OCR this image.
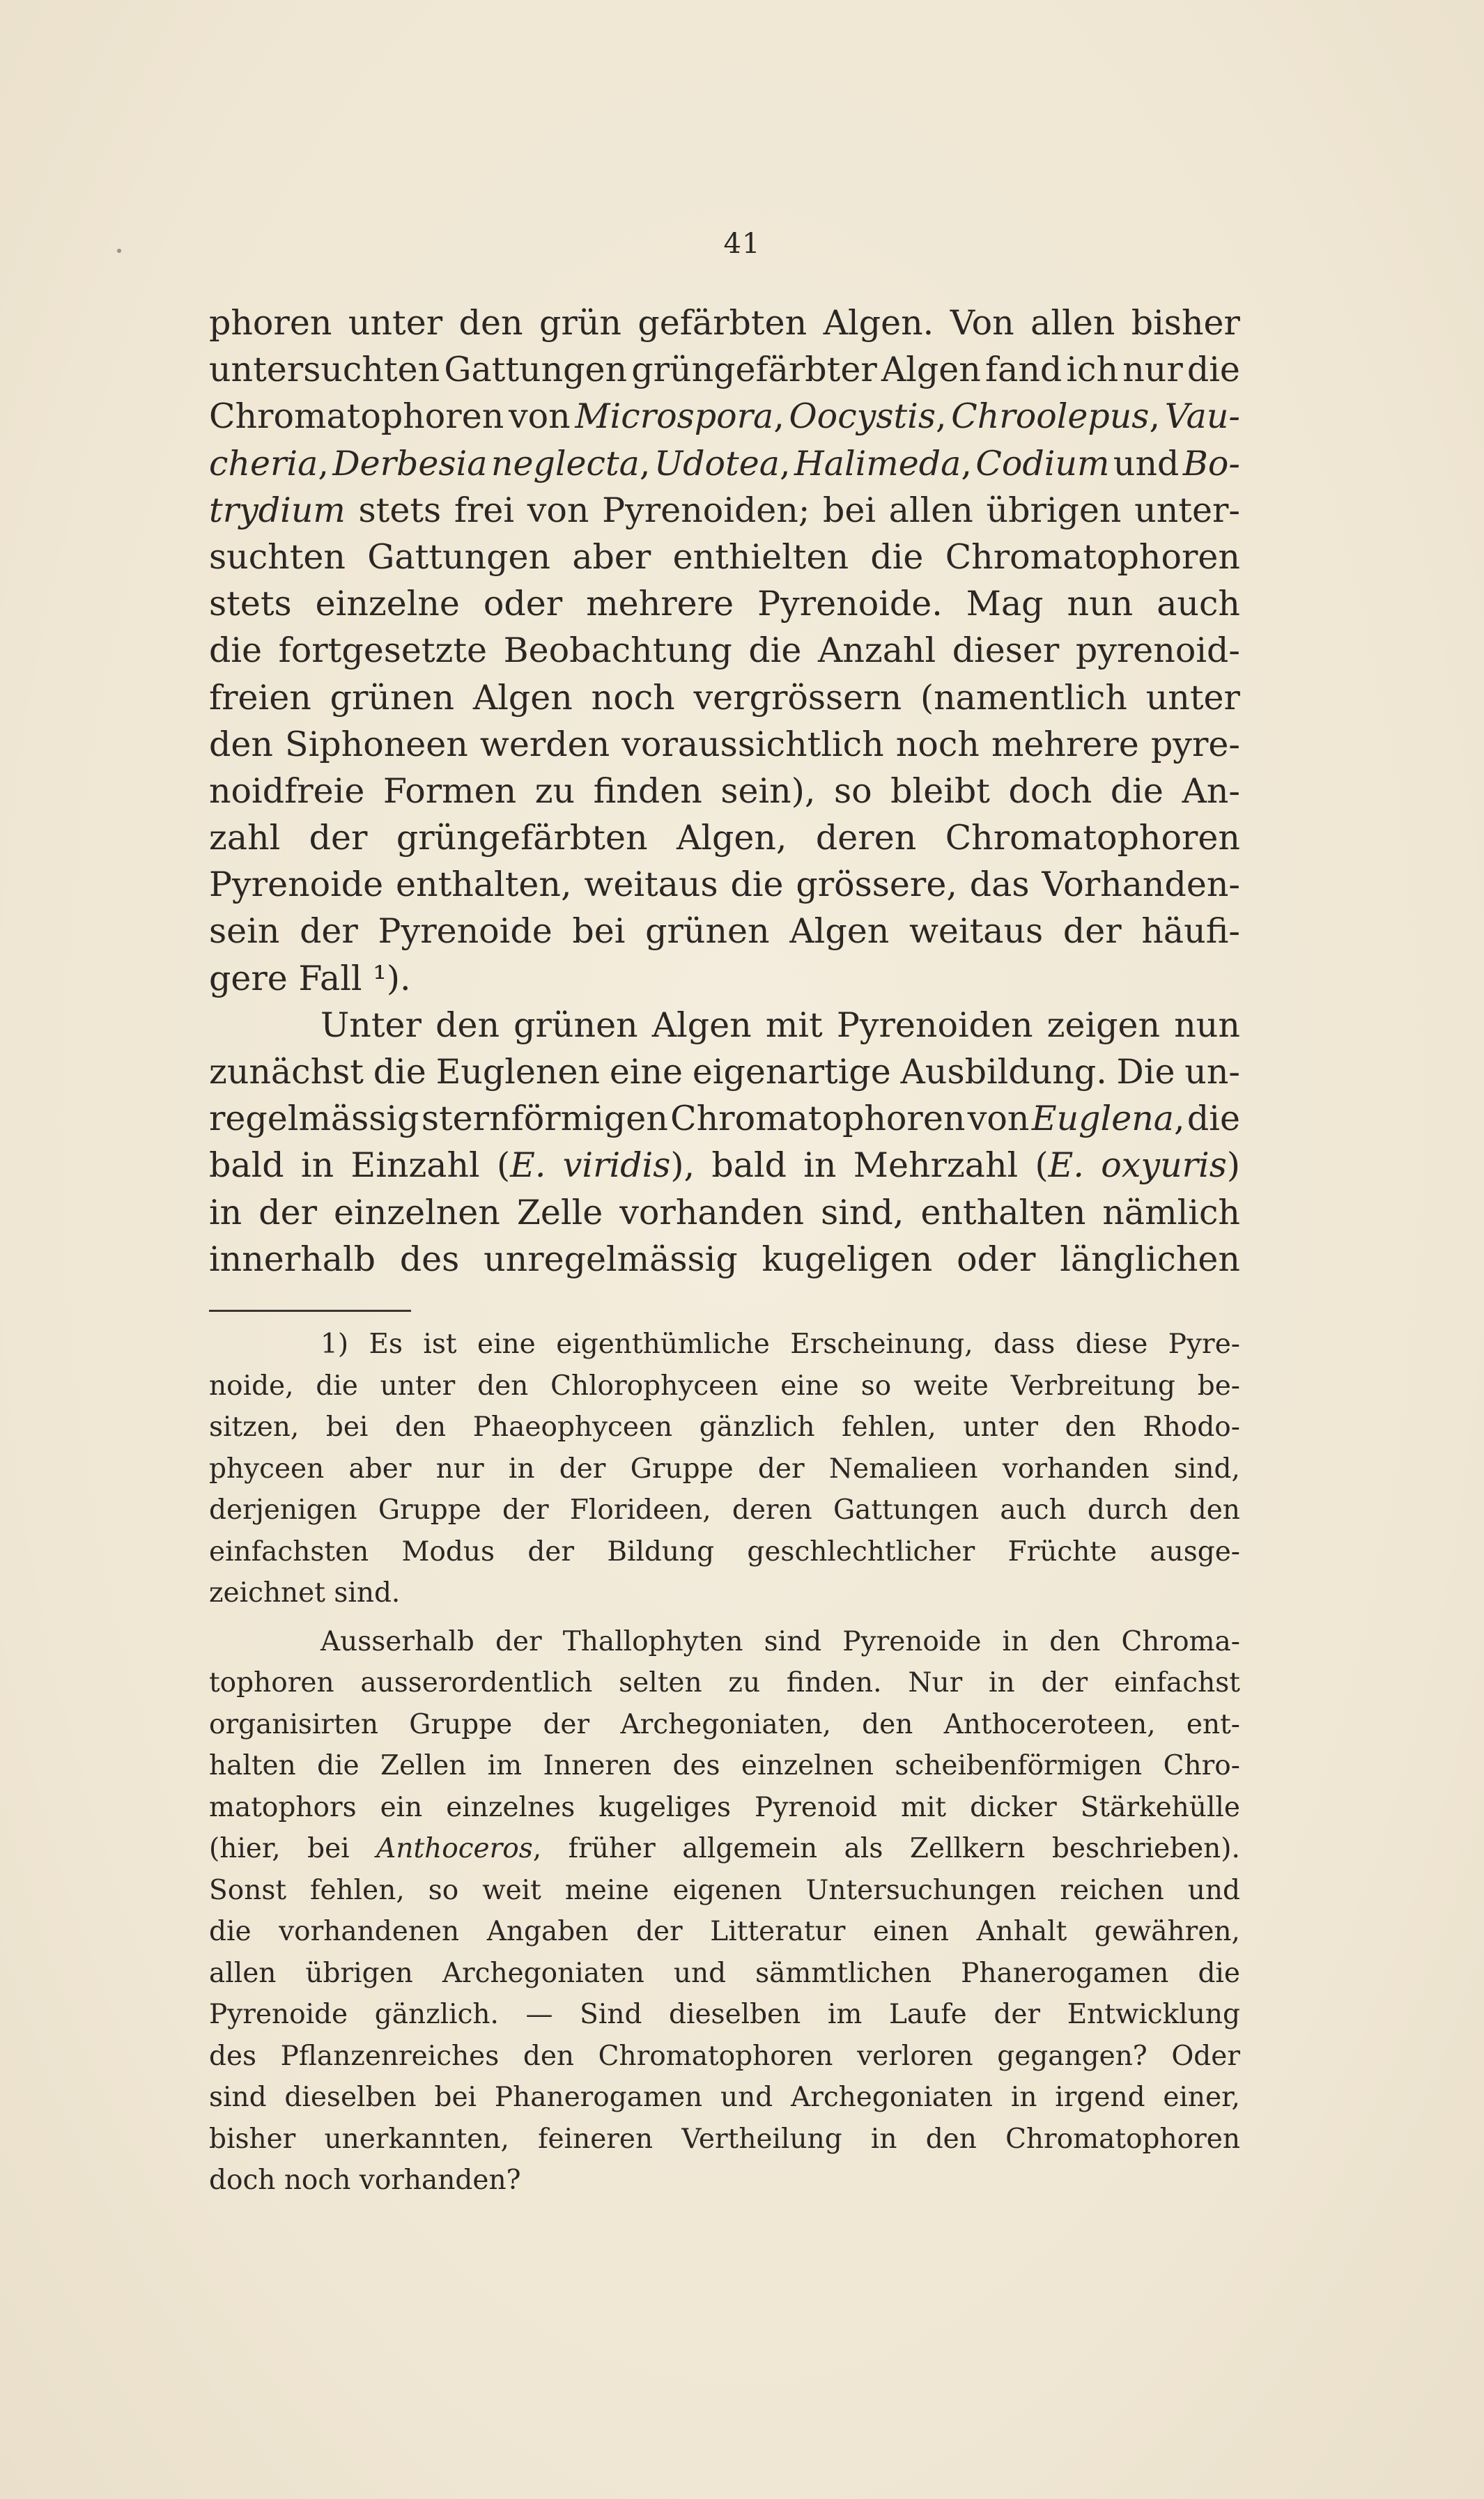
41
phoren unter den grün gefärbten Algen. Von allen bisher
untersuchten Gattungen grüngefärbter Algen fand ich nur die
Chromatophoren von Microspora, Oocystis, Chroolepus, Vau-
cheria, Derbesia neglecta, Udotea, Halimeda, Codium und Bo-
trydium stets frei von Pyrenoiden; bei allen übrigen unter-
suchten Gattungen aber enthielten die Chromatophoren
stets einzelne oder mehrere Pyrenoide. Mag nun auch
die fortgesetzte Beobachtung die Anzahl dieser pyrenoid-
freien grünen Algen noch vergrössern (namentlich unter
den Siphoneen werden voraussichtlich noch mehrere pyre-
noidfreie Formen zu finden sein), so bleibt doch die An-
zahl der grüngefärbten Algen, deren Chromatophoren
Pyrenoide enthalten, weitaus die grössere, das Vorhanden-
sein der Pyrenoide bei grünen Algen weitaus der häufi-
gere
Fall
¹).
Unter den grünen Algen mit Pyrenoiden zeigen nun
zunächst die Euglenen eine eigenartige Ausbildung. Die un-
regelmässig sternförmigen Chromatophoren von Euglena, die
bald in Einzahl (E. viridis), bald in Mehrzahl (E. oxyuris)
in der einzelnen Zelle vorhanden sind, enthalten nämlich
innerhalb des unregelmässig kugeligen oder länglichen
1) Es ist eine eigenthümliche Erscheinung, dass diese Pyre-
noide, die unter den Chlorophyceen eine so weite Verbreitung be-
sitzen, bei den Phaeophyceen gänzlich fehlen, unter den Rhodo-
phyceen aber nur in der Gruppe der Nemalieen vorhanden sind,
derjenigen Gruppe der Florideen, deren Gattungen auch durch den
einfachsten Modus der Bildung geschlechtlicher Früchte ausge-
zeichnet
sind.
Ausserhalb der Thallophyten sind Pyrenoide in den Chroma-
tophoren ausserordentlich selten zu finden. Nur in der einfachst
organisirten Gruppe der Archegoniaten, den Anthoceroteen, ent-
halten die Zellen im Inneren des einzelnen scheibenförmigen Chro-
matophors ein einzelnes kugeliges Pyrenoid mit dicker Stärkehülle
(hier, bei Anthoceros, früher allgemein als Zellkern beschrieben).
Sonst fehlen, so weit meine eigenen Untersuchungen reichen und
die vorhandenen Angaben der Litteratur einen Anhalt gewähren,
allen übrigen Archegoniaten und sämmtlichen Phanerogamen die
Pyrenoide gänzlich. — Sind dieselben im Laufe der Entwicklung
des Pflanzenreiches den Chromatophoren verloren gegangen? Oder
sind dieselben bei Phanerogamen und Archegoniaten in irgend einer,
bisher unerkannten, feineren Vertheilung in den Chromatophoren
doch
noch
vorhanden?
